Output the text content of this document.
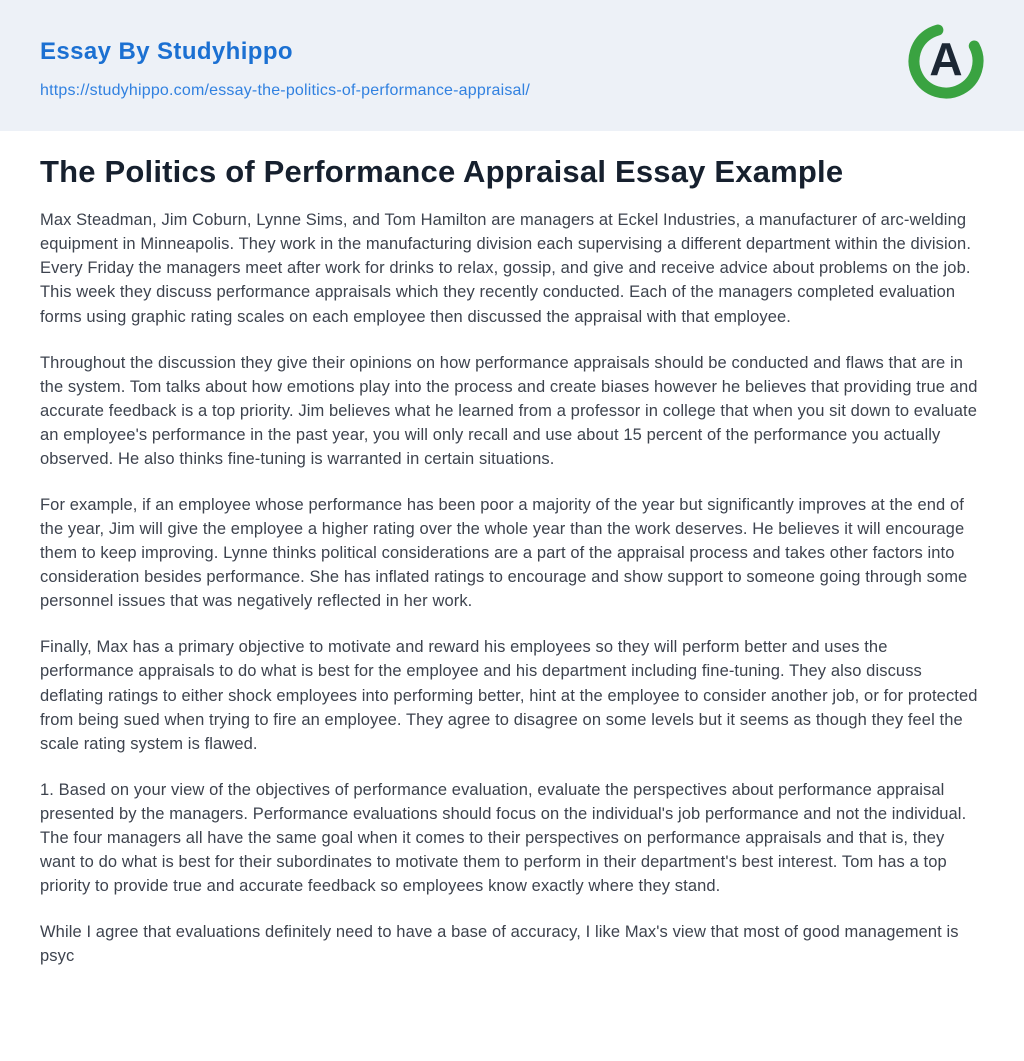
Essay By Studyhippo
https://studyhippo.com/essay-the-politics-of-performance-appraisal/
A
The Politics of Performance Appraisal Essay Example

Max Steadman, Jim Coburn, Lynne Sims, and Tom Hamilton are managers at Eckel Industries, a manufacturer of arc-welding equipment in Minneapolis. They work in the manufacturing division each supervising a different department within the division. Every Friday the managers meet after work for drinks to relax, gossip, and give and receive advice about problems on the job. This week they discuss performance appraisals which they recently conducted. Each of the managers completed evaluation forms using graphic rating scales on each employee then discussed the appraisal with that employee.

Throughout the discussion they give their opinions on how performance appraisals should be conducted and flaws that are in the system. Tom talks about how emotions play into the process and create biases however he believes that providing true and accurate feedback is a top priority. Jim believes what he learned from a professor in college that when you sit down to evaluate an employee's performance in the past year, you will only recall and use about 15 percent of the performance you actually observed. He also thinks fine-tuning is warranted in certain situations.

For example, if an employee whose performance has been poor a majority of the year but significantly improves at the end of the year, Jim will give the employee a higher rating over the whole year than the work deserves. He believes it will encourage them to keep improving. Lynne thinks political considerations are a part of the appraisal process and takes other factors into consideration besides performance. She has inflated ratings to encourage and show support to someone going through some personnel issues that was negatively reflected in her work.

Finally, Max has a primary objective to motivate and reward his employees so they will perform better and uses the performance appraisals to do what is best for the employee and his department including fine-tuning. They also discuss deflating ratings to either shock employees into performing better, hint at the employee to consider another job, or for protected from being sued when trying to fire an employee. They agree to disagree on some levels but it seems as though they feel the scale rating system is flawed.

1. Based on your view of the objectives of performance evaluation, evaluate the perspectives about performance appraisal presented by the managers. Performance evaluations should focus on the individual's job performance and not the individual. The four managers all have the same goal when it comes to their perspectives on performance appraisals and that is, they want to do what is best for their subordinates to motivate them to perform in their department's best interest. Tom has a top priority to provide true and accurate feedback so employees know exactly where they stand.

While I agree that evaluations definitely need to have a base of accuracy, I like Max's view that most of good management is psyc
